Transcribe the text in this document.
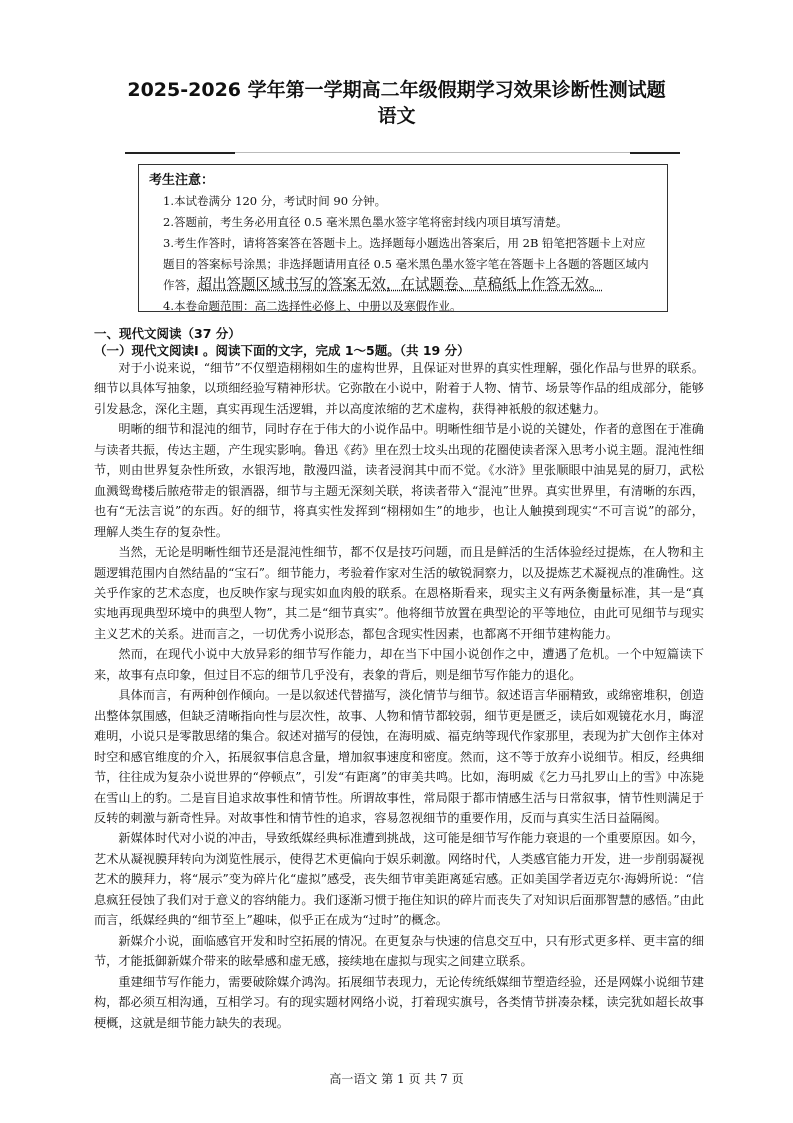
2025-2026 学年第一学期高二年级假期学习效果诊断性测试题
语文
考生注意：
1.本试卷满分 120 分，考试时间 90 分钟。
2.答题前，考生务必用直径 0.5 毫米黑色墨水签字笔将密封线内项目填写清楚。
3.考生作答时，请将答案答在答题卡上。选择题每小题选出答案后，用 2B 铅笔把答题卡上对应题目的答案标号涂黑；非选择题请用直径 0.5 毫米黑色墨水签字笔在答题卡上各题的答题区域内作答，超出答题区域书写的答案无效，在试题卷、草稿纸上作答无效。
4.本卷命题范围：高二选择性必修上、中册以及寒假作业。
一、现代文阅读（37 分）
（一）现代文阅读Ⅰ 。阅读下面的文字，完成 1～5题。（共 19 分）

对于小说来说，“细节”不仅塑造栩栩如生的虚构世界，且保证对世界的真实性理解，强化作品与世界的联系。细节以具体写抽象，以琐细经验写精神形状。它弥散在小说中，附着于人物、情节、场景等作品的组成部分，能够引发悬念，深化主题，真实再现生活逻辑，并以高度浓缩的艺术虚构，获得神祇般的叙述魅力。

明晰的细节和混沌的细节，同时存在于伟大的小说作品中。明晰性细节是小说的关键处，作者的意图在于准确与读者共振，传达主题，产生现实影响。鲁迅《药》里在烈士坟头出现的花圈使读者深入思考小说主题。混沌性细节，则由世界复杂性所致，水银泻地，散漫四溢，读者浸润其中而不觉。《水浒》里张顺眼中油晃晃的厨刀，武松血溅鸳鸯楼后脓疮带走的银酒器，细节与主题无深刻关联，将读者带入“混沌”世界。真实世界里，有清晰的东西，也有“无法言说”的东西。好的细节，将真实性发挥到“栩栩如生”的地步，也让人触摸到现实“不可言说”的部分，理解人类生存的复杂性。

当然，无论是明晰性细节还是混沌性细节，都不仅是技巧问题，而且是鲜活的生活体验经过提炼，在人物和主题逻辑范围内自然结晶的“宝石”。细节能力，考验着作家对生活的敏锐洞察力，以及提炼艺术凝视点的准确性。这关乎作家的艺术态度，也反映作家与现实如血肉般的联系。在恩格斯看来，现实主义有两条衡量标准，其一是“真实地再现典型环境中的典型人物”，其二是“细节真实”。他将细节放置在典型论的平等地位，由此可见细节与现实主义艺术的关系。进而言之，一切优秀小说形态，都包含现实性因素，也都离不开细节建构能力。

然而，在现代小说中大放异彩的细节写作能力，却在当下中国小说创作之中，遭遇了危机。一个中短篇读下来，故事有点印象，但过目不忘的细节几乎没有，表象的背后，则是细节写作能力的退化。

具体而言，有两种创作倾向。一是以叙述代替描写，淡化情节与细节。叙述语言华丽精致，或绵密堆积，创造出整体氛围感，但缺乏清晰指向性与层次性，故事、人物和情节都较弱，细节更是匮乏，读后如观镜花水月，晦涩难明，小说只是零散思绪的集合。叙述对描写的侵蚀，在海明威、福克纳等现代作家那里，表现为扩大创作主体对时空和感官维度的介入，拓展叙事信息含量，增加叙事速度和密度。然而，这不等于放弃小说细节。相反，经典细节，往往成为复杂小说世界的“停顿点”，引发“有距离”的审美共鸣。比如，海明威《乞力马扎罗山上的雪》中冻毙在雪山上的豹。二是盲目追求故事性和情节性。所谓故事性，常局限于都市情感生活与日常叙事，情节性则满足于反转的刺激与新奇性异。对故事性和情节性的追求，容易忽视细节的重要作用，反而与真实生活日益隔阂。

新媒体时代对小说的冲击，导致纸媒经典标准遭到挑战，这可能是细节写作能力衰退的一个重要原因。如今，艺术从凝视膜拜转向为浏览性展示，使得艺术更偏向于娱乐刺激。网络时代，人类感官能力开发，进一步削弱凝视艺术的膜拜力，将“展示”变为碎片化“虚拟”感受，丧失细节审美距离延宕感。正如美国学者迈克尔·海姆所说：“信息疯狂侵蚀了我们对于意义的容纳能力。我们逐渐习惯于拖住知识的碎片而丧失了对知识后面那智慧的感悟。”由此而言，纸媒经典的“细节至上”趣味，似乎正在成为“过时”的概念。

新媒介小说，面临感官开发和时空拓展的情况。在更复杂与快速的信息交互中，只有形式更多样、更丰富的细节，才能抵御新媒介带来的眩晕感和虚无感，接续地在虚拟与现实之间建立联系。

重建细节写作能力，需要破除媒介鸿沟。拓展细节表现力，无论传统纸媒细节塑造经验，还是网媒小说细节建构，都必须互相沟通，互相学习。有的现实题材网络小说，打着现实旗号，各类情节拼凑杂糅，读完犹如超长故事梗概，这就是细节能力缺失的表现。

高一语文 第 1 页 共 7 页
